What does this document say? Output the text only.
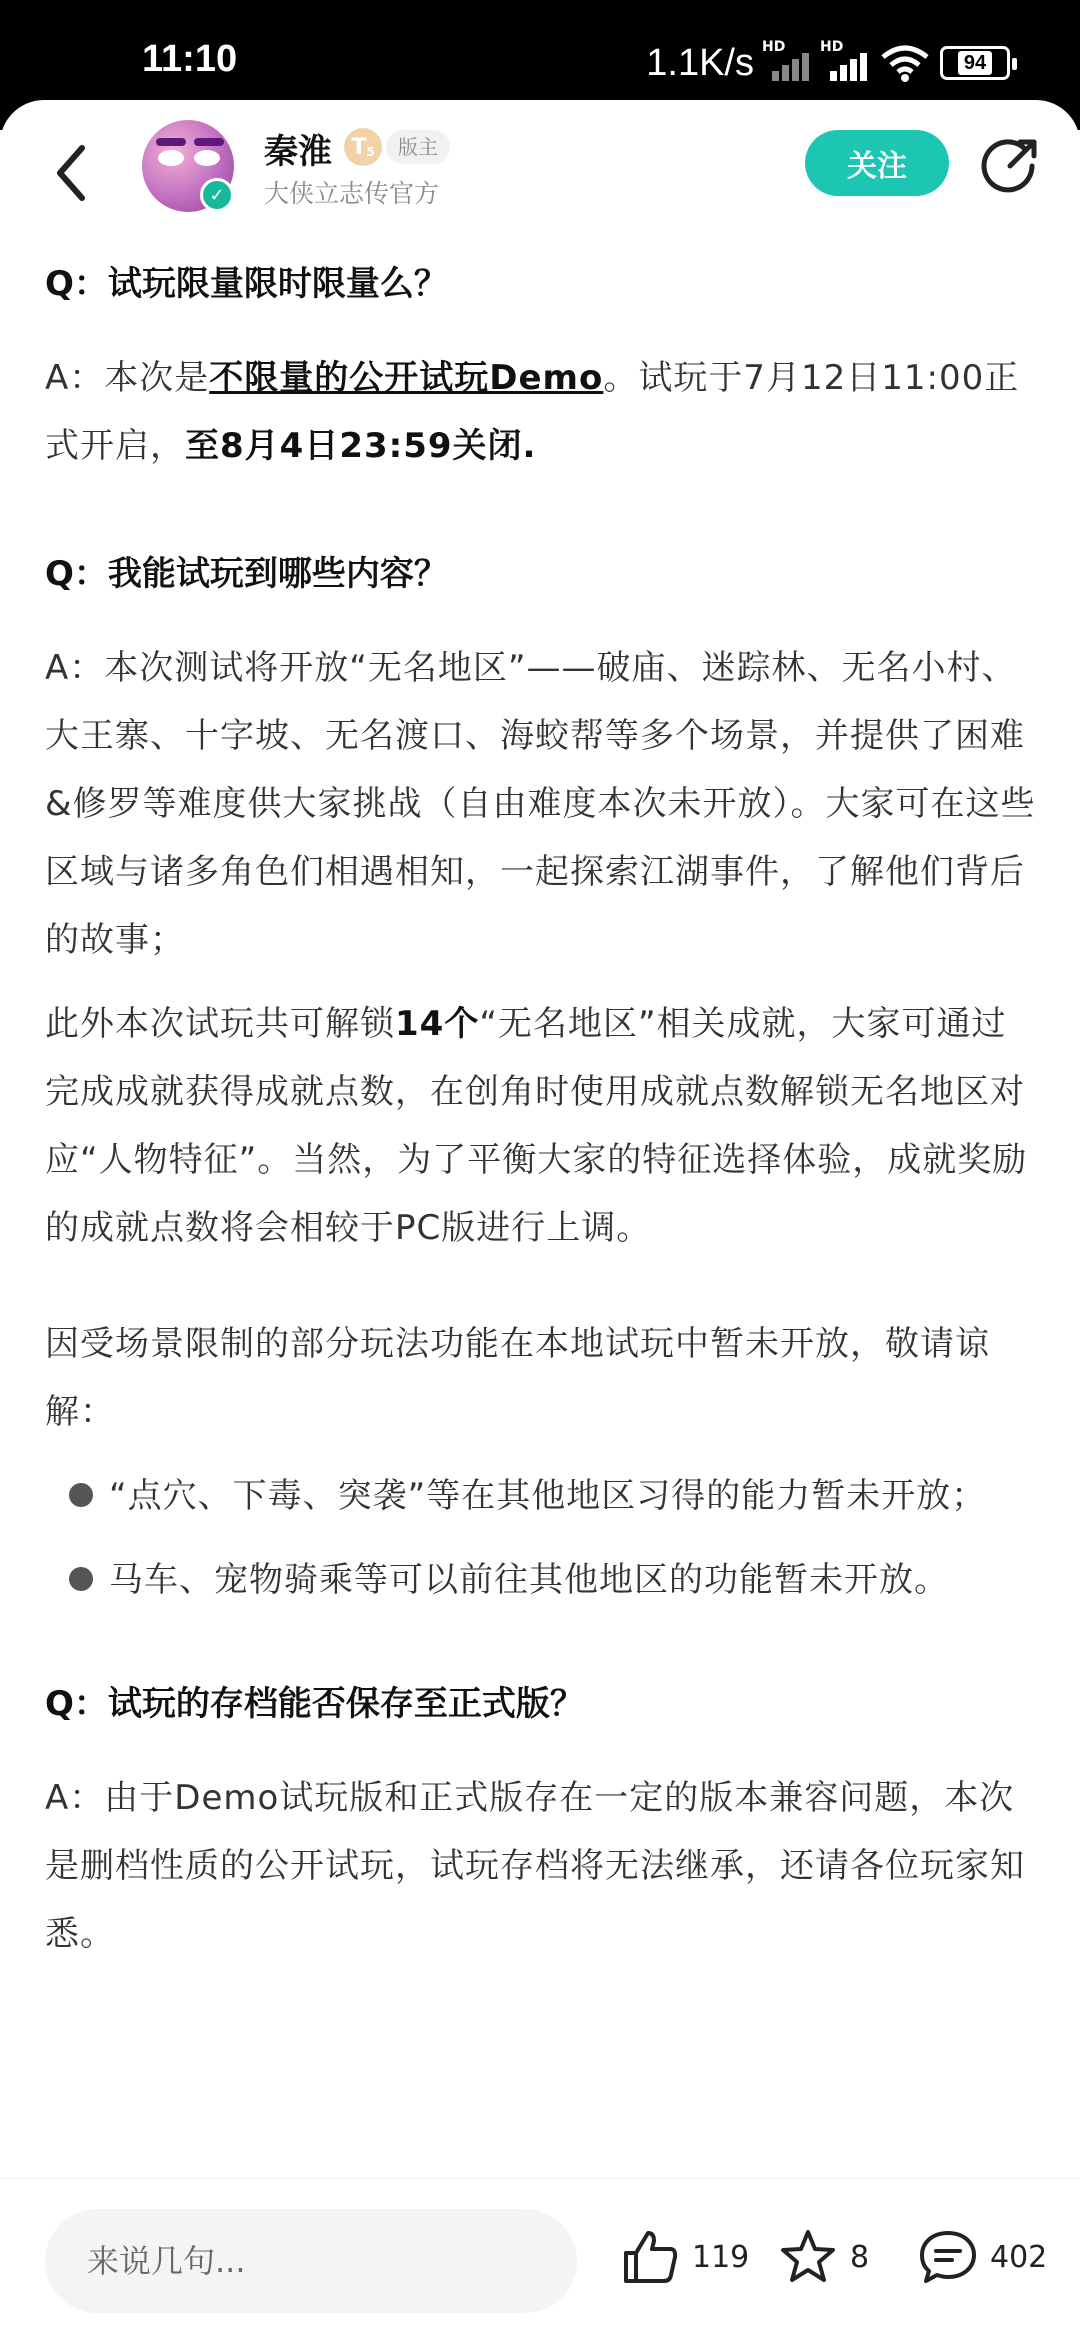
11:10	1.1K/s HD HD
94
✓
秦淮 $T_5$	版主
大侠立志传官方
关注
Q：试玩限量限时限量么？
A：本次是不限量的公开试玩Demo。试玩于7月12日11:00正式开启，至8月4日23:59关闭.
Q：我能试玩到哪些内容？
A：本次测试将开放“无名地区”——破庙、迷踪林、无名小村、大王寨、十字坡、无名渡口、海蛟帮等多个场景，并提供了困难&修罗等难度供大家挑战（自由难度本次未开放）。大家可在这些区域与诸多角色们相遇相知，一起探索江湖事件，了解他们背后的故事；
此外本次试玩共可解锁14个“无名地区”相关成就，大家可通过完成成就获得成就点数，在创角时使用成就点数解锁无名地区对应“人物特征”。当然，为了平衡大家的特征选择体验，成就奖励的成就点数将会相较于PC版进行上调。
因受场景限制的部分玩法功能在本地试玩中暂未开放，敬请谅解：
“点穴、下毒、突袭”等在其他地区习得的能力暂未开放；
马车、宠物骑乘等可以前往其他地区的功能暂未开放。
Q：试玩的存档能否保存至正式版？
A：由于Demo试玩版和正式版存在一定的版本兼容问题，本次是删档性质的公开试玩，试玩存档将无法继承，还请各位玩家知悉。
来说几句...	119	8	402
